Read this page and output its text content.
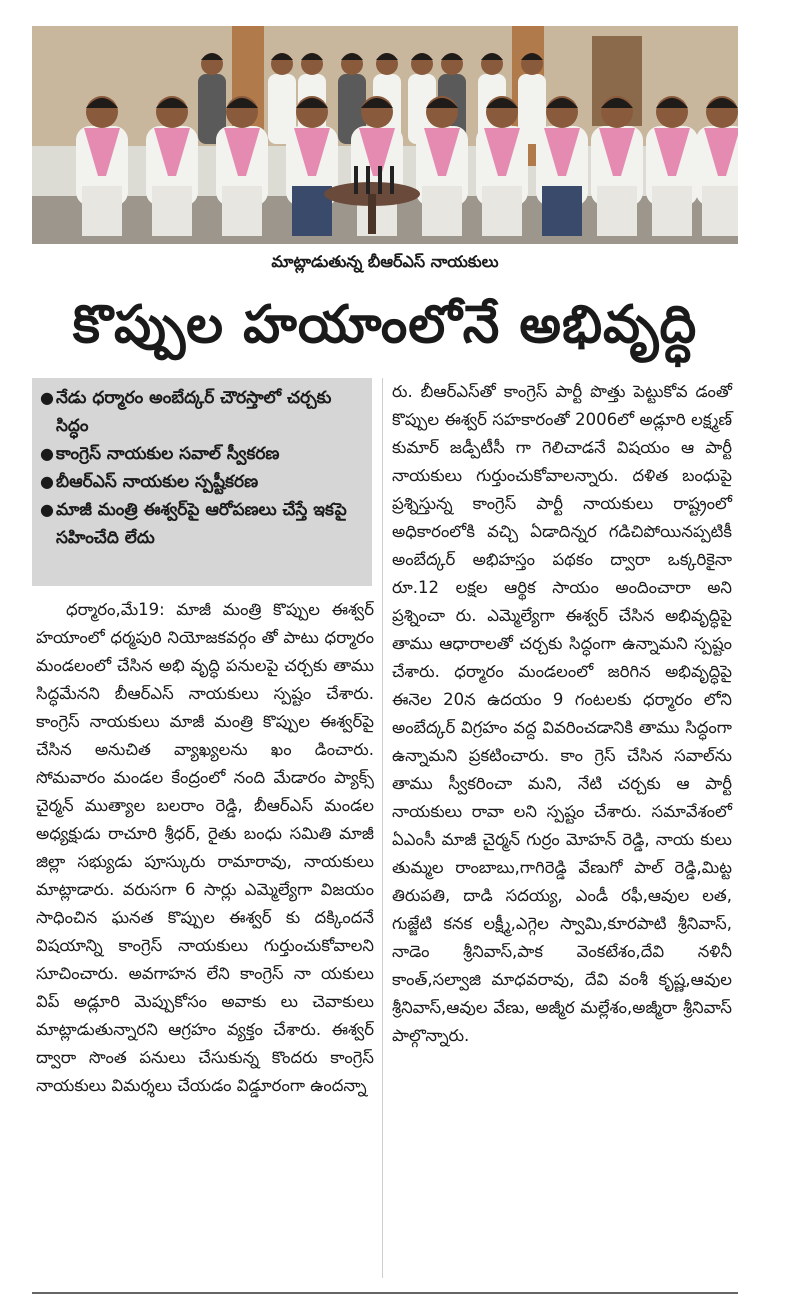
మాట్లాడుతున్న బీఆర్ఎస్ నాయకులు
కొప్పుల హయాంలోనే అభివృద్ధి
● నేడు ధర్మారం అంబేద్కర్ చౌరస్తాలో చర్చకు సిద్ధం
● కాంగ్రెస్ నాయకుల సవాల్ స్వీకరణ
● బీఆర్ఎస్ నాయకుల స్పష్టీకరణ
● మాజీ మంత్రి ఈశ్వర్‌పై ఆరోపణలు చేస్తే ఇకపై సహించేది లేదు

ధర్మారం,మే19: మాజీ మంత్రి కొప్పుల ఈశ్వర్ హయాంలో ధర్మపురి నియోజకవర్గం తో పాటు ధర్మారం మండలంలో చేసిన అభి వృద్ధి పనులపై చర్చకు తాము సిద్ధమేనని బీఆర్ఎస్ నాయకులు స్పష్టం చేశారు. కాంగ్రెస్ నాయకులు మాజీ మంత్రి కొప్పుల ఈశ్వర్‌పై చేసిన అనుచిత వ్యాఖ్యలను ఖం డించారు. సోమవారం మండల కేంద్రంలో నంది మేడారం ప్యాక్స్ చైర్మన్ ముత్యాల బలరాం రెడ్డి, బీఆర్ఎస్ మండల అధ్యక్షుడు రాచూరి శ్రీధర్, రైతు బంధు సమితి మాజీ జిల్లా సభ్యుడు పూస్కురు రామారావు, నాయకులు మాట్లాడారు. వరుసగా 6 సార్లు ఎమ్మెల్యేగా విజయం సాధించిన ఘనత కొప్పుల ఈశ్వర్ కు దక్కిందనే విషయాన్ని కాంగ్రెస్ నాయకులు గుర్తుంచుకోవాలని సూచించారు. అవగాహన లేని కాంగ్రెస్ నా యకులు విప్ అడ్లూరి మెప్పుకోసం అవాకు లు చెవాకులు మాట్లాడుతున్నారని ఆగ్రహం వ్యక్తం చేశారు. ఈశ్వర్ ద్వారా సొంత పనులు చేసుకున్న కొందరు కాంగ్రెస్ నాయకులు విమర్శలు చేయడం విడ్డూరంగా ఉందన్నా

రు. బీఆర్ఎస్‌తో కాంగ్రెస్ పార్టీ పొత్తు పెట్టుకోవ డంతో కొప్పుల ఈశ్వర్ సహకారంతో 2006లో అడ్లూరి లక్ష్మణ్ కుమార్ జడ్పీటీసీ గా గెలిచాడనే విషయం ఆ పార్టీ నాయకులు గుర్తుంచుకోవాలన్నారు. దళిత బంధుపై ప్రశ్నిస్తున్న కాంగ్రెస్ పార్టీ నాయకులు రాష్ట్రంలో అధికారంలోకి వచ్చి ఏడాదిన్నర గడిచిపోయినప్పటికీ అంబేద్కర్ అభిహస్తం పథకం ద్వారా ఒక్కరికైనా రూ.12 లక్షల ఆర్థిక సాయం అందించారా అని ప్రశ్నించా రు. ఎమ్మెల్యేగా ఈశ్వర్ చేసిన అభివృద్ధిపై తాము ఆధారాలతో చర్చకు సిద్ధంగా ఉన్నామని స్పష్టం చేశారు. ధర్మారం మండలంలో జరిగిన అభివృద్ధిపై ఈనెల 20న ఉదయం 9 గంటలకు ధర్మారం లోని అంబేద్కర్ విగ్రహం వద్ద వివరించడానికి తాము సిద్ధంగా ఉన్నామని ప్రకటించారు. కాం గ్రెస్ చేసిన సవాల్‌ను తాము స్వీకరించా మని, నేటి చర్చకు ఆ పార్టీ నాయకులు రావా లని స్పష్టం చేశారు. సమావేశంలో ఏఎంసీ మాజీ చైర్మన్ గుర్రం మోహన్ రెడ్డి, నాయ కులు తుమ్మల రాంబాబు,గాగిరెడ్డి వేణుగో పాల్ రెడ్డి,మిట్ట తిరుపతి, దాడి సదయ్య, ఎండీ రఫీ,ఆవుల లత, గుజ్జేటి కనక లక్ష్మీ,ఎగ్గెల స్వామి,కూరపాటి శ్రీనివాస్, నాడెం శ్రీనివాస్,పాక వెంకటేశం,దేవి నళినీ కాంత్,సల్వాజి మాధవరావు, దేవి వంశీ కృష్ణ,ఆవుల శ్రీనివాస్,ఆవుల వేణు, అజ్మీర మల్లేశం,అజ్మీరా శ్రీనివాస్ పాల్గొన్నారు.
